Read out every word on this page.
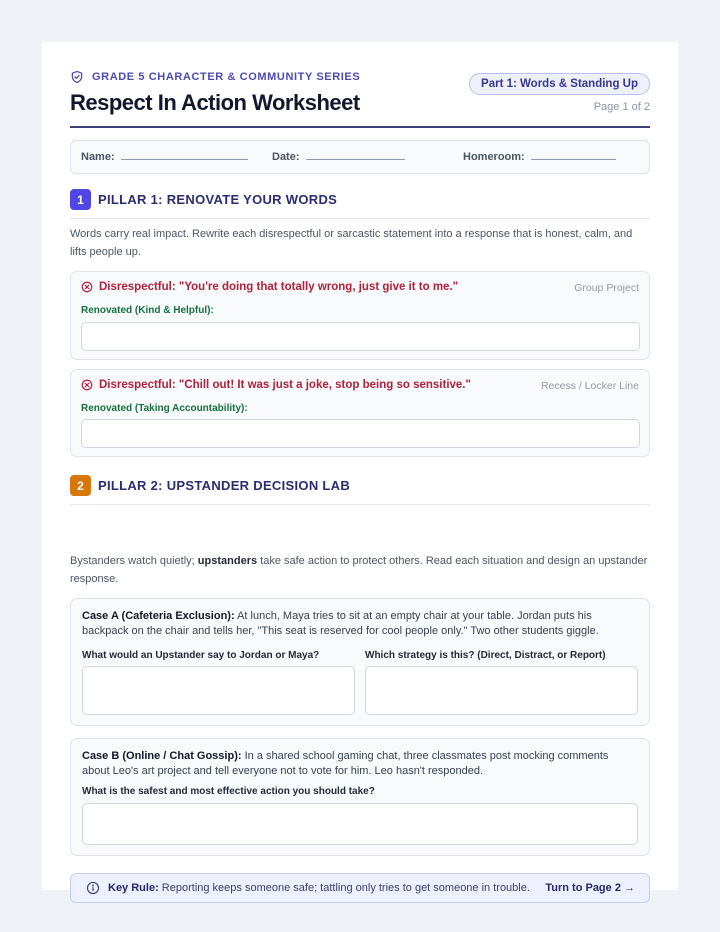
GRADE 5 CHARACTER & COMMUNITY SERIES
Respect In Action Worksheet
Part 1: Words & Standing Up
Page 1 of 2
Name:	Date:	Homeroom:
1	PILLAR 1: RENOVATE YOUR WORDS
Words carry real impact. Rewrite each disrespectful or sarcastic statement into a response that is honest, calm, and lifts people up.
Disrespectful: "You're doing that totally wrong, just give it to me."	Group Project
Renovated (Kind & Helpful):
Disrespectful: "Chill out! It was just a joke, stop being so sensitive."	Recess / Locker Line
Renovated (Taking Accountability):
2	PILLAR 2: UPSTANDER DECISION LAB
Bystanders watch quietly; upstanders take safe action to protect others. Read each situation and design an upstander response.
Case A (Cafeteria Exclusion): At lunch, Maya tries to sit at an empty chair at your table. Jordan puts his backpack on the chair and tells her, "This seat is reserved for cool people only." Two other students giggle.
What would an Upstander say to Jordan or Maya?	Which strategy is this? (Direct, Distract, or Report)
Case B (Online / Chat Gossip): In a shared school gaming chat, three classmates post mocking comments about Leo's art project and tell everyone not to vote for him. Leo hasn't responded.
What is the safest and most effective action you should take?
Key Rule: Reporting keeps someone safe; tattling only tries to get someone in trouble. Turn to Page 2 →
